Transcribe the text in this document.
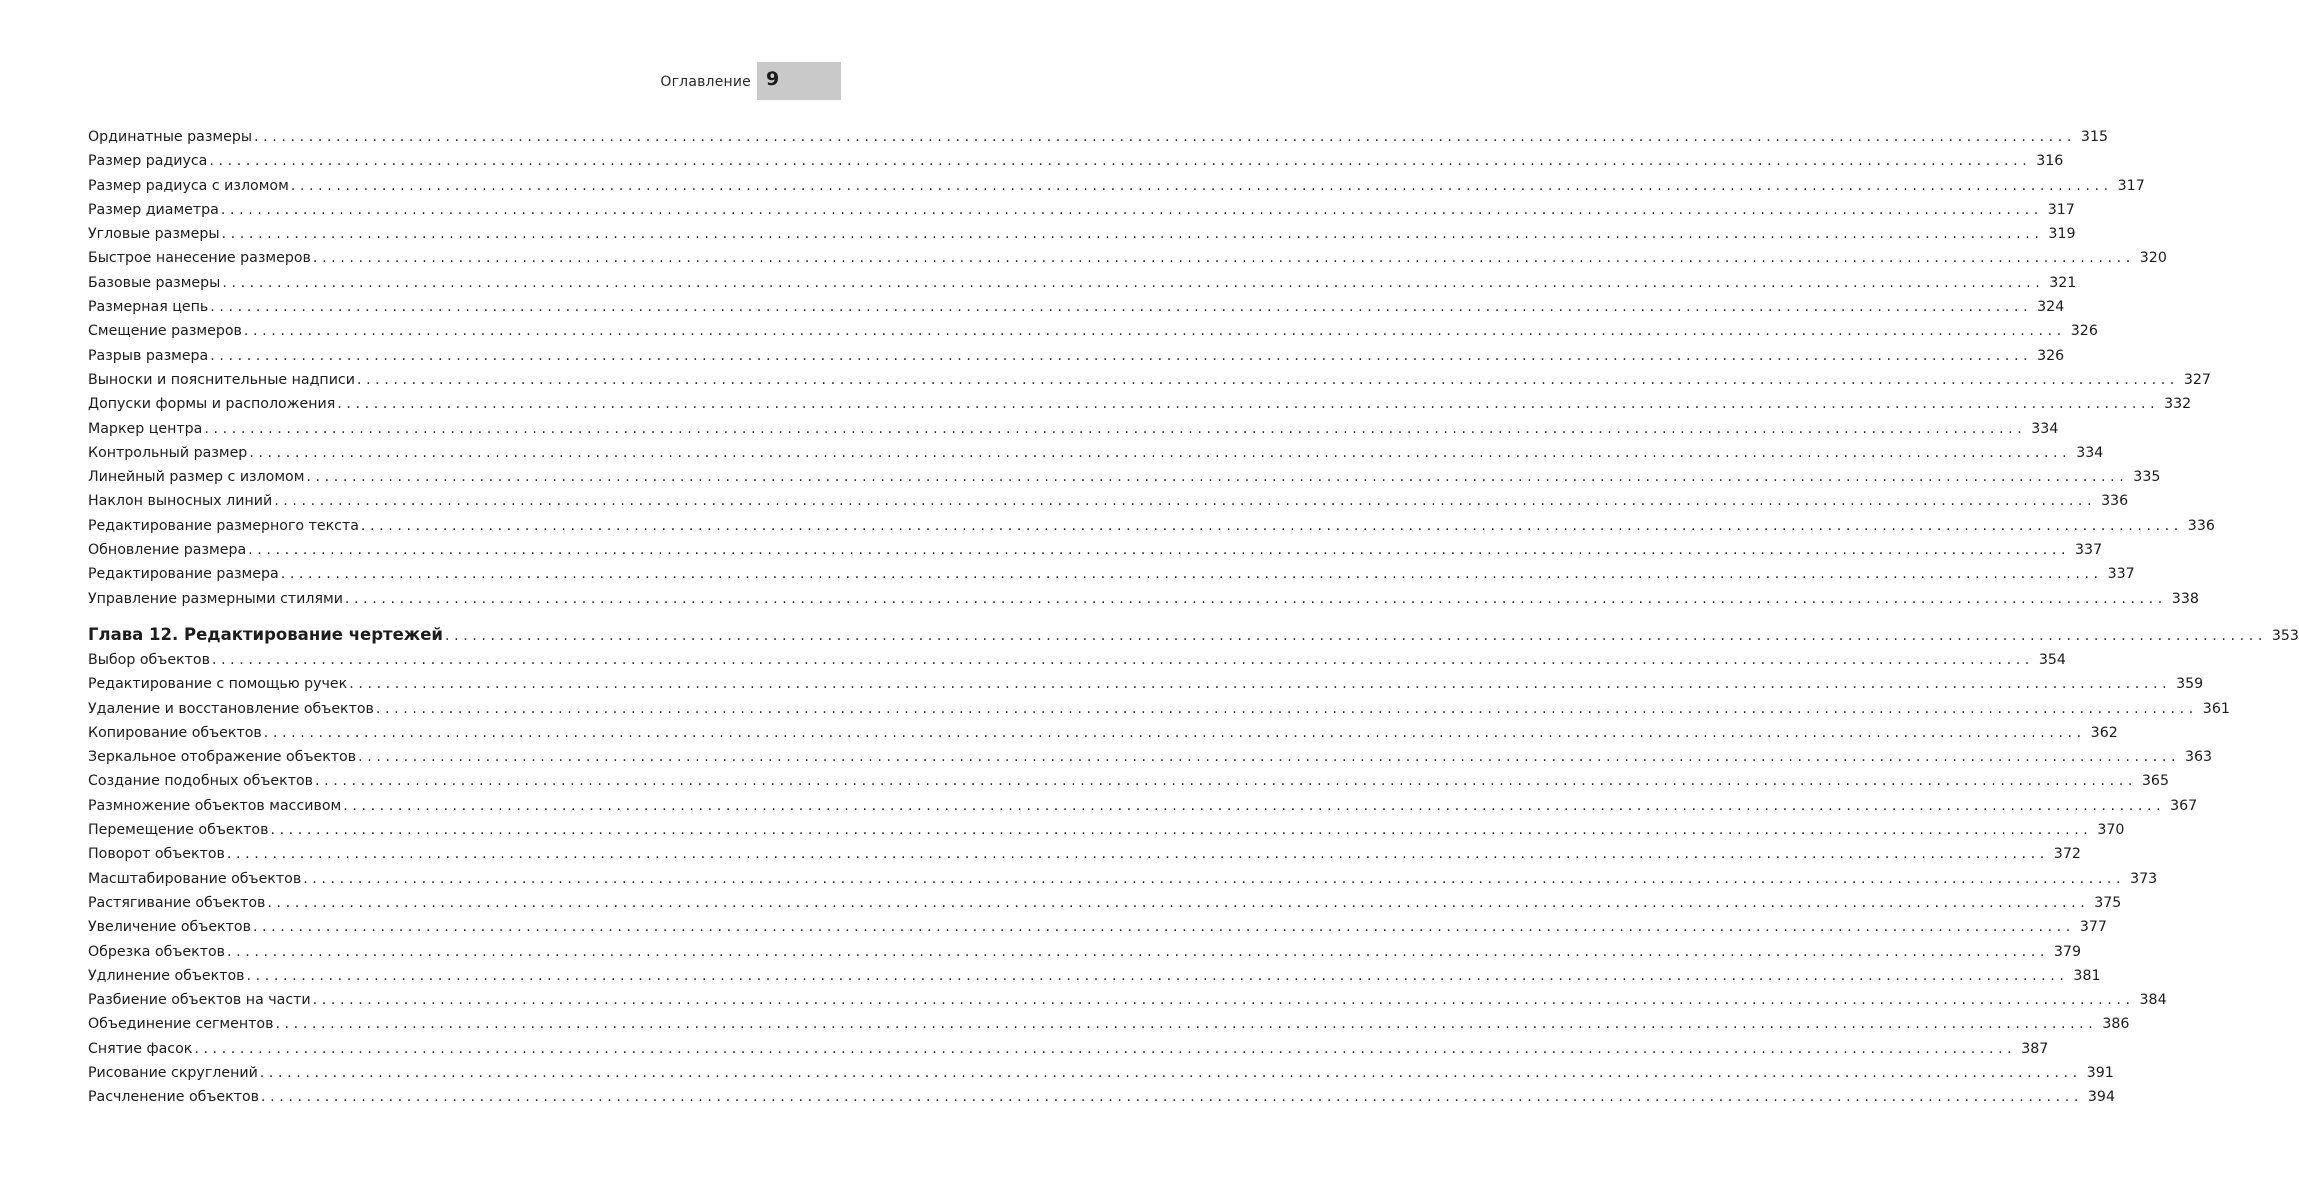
Оглавление 9
Ординатные размеры ........................................................................................................................................................................................................ 315
Размер радиуса ........................................................................................................................................................................................................ 316
Размер радиуса с изломом ........................................................................................................................................................................................................ 317
Размер диаметра ........................................................................................................................................................................................................ 317
Угловые размеры ........................................................................................................................................................................................................ 319
Быстрое нанесение размеров ........................................................................................................................................................................................................ 320
Базовые размеры ........................................................................................................................................................................................................ 321
Размерная цепь ........................................................................................................................................................................................................ 324
Смещение размеров ........................................................................................................................................................................................................ 326
Разрыв размера ........................................................................................................................................................................................................ 326
Выноски и пояснительные надписи ........................................................................................................................................................................................................ 327
Допуски формы и расположения ........................................................................................................................................................................................................ 332
Маркер центра ........................................................................................................................................................................................................ 334
Контрольный размер ........................................................................................................................................................................................................ 334
Линейный размер с изломом ........................................................................................................................................................................................................ 335
Наклон выносных линий ........................................................................................................................................................................................................ 336
Редактирование размерного текста ........................................................................................................................................................................................................ 336
Обновление размера ........................................................................................................................................................................................................ 337
Редактирование размера ........................................................................................................................................................................................................ 337
Управление размерными стилями ........................................................................................................................................................................................................ 338
Глава 12. Редактирование чертежей ........................................................................................................................................................................................................ 353
Выбор объектов ........................................................................................................................................................................................................ 354
Редактирование с помощью ручек ........................................................................................................................................................................................................ 359
Удаление и восстановление объектов ........................................................................................................................................................................................................ 361
Копирование объектов ........................................................................................................................................................................................................ 362
Зеркальное отображение объектов ........................................................................................................................................................................................................ 363
Создание подобных объектов ........................................................................................................................................................................................................ 365
Размножение объектов массивом ........................................................................................................................................................................................................ 367
Перемещение объектов ........................................................................................................................................................................................................ 370
Поворот объектов ........................................................................................................................................................................................................ 372
Масштабирование объектов ........................................................................................................................................................................................................ 373
Растягивание объектов ........................................................................................................................................................................................................ 375
Увеличение объектов ........................................................................................................................................................................................................ 377
Обрезка объектов ........................................................................................................................................................................................................ 379
Удлинение объектов ........................................................................................................................................................................................................ 381
Разбиение объектов на части ........................................................................................................................................................................................................ 384
Объединение сегментов ........................................................................................................................................................................................................ 386
Снятие фасок ........................................................................................................................................................................................................ 387
Рисование скруглений ........................................................................................................................................................................................................ 391
Расчленение объектов ........................................................................................................................................................................................................ 394
